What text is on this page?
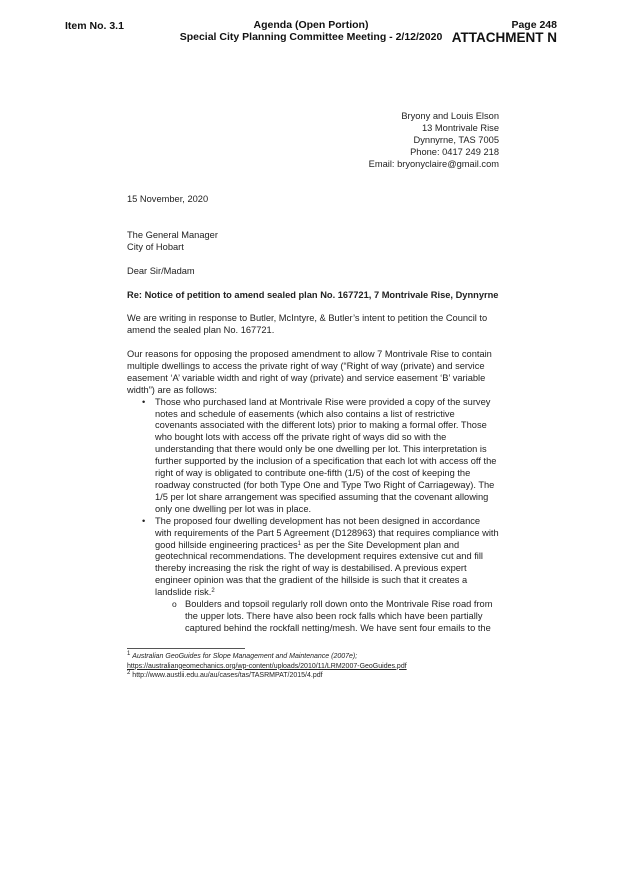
Item No. 3.1	Agenda (Open Portion)
Special City Planning Committee Meeting - 2/12/2020
Page 248
ATTACHMENT N
Bryony and Louis Elson
13 Montrivale Rise
Dynnyrne, TAS 7005
Phone: 0417 249 218
Email: bryonyclaire@gmail.com
15 November, 2020
The General Manager
City of Hobart
Dear Sir/Madam
Re: Notice of petition to amend sealed plan No. 167721, 7 Montrivale Rise, Dynnyrne
We are writing in response to Butler, McIntyre, & Butler’s intent to petition the Council to amend the sealed plan No. 167721.
Our reasons for opposing the proposed amendment to allow 7 Montrivale Rise to contain multiple dwellings to access the private right of way (“Right of way (private) and service easement ‘A’ variable width and right of way (private) and service easement ‘B’ variable width”) are as follows:
• Those who purchased land at Montrivale Rise were provided a copy of the survey notes and schedule of easements (which also contains a list of restrictive covenants associated with the different lots) prior to making a formal offer. Those who bought lots with access off the private right of ways did so with the understanding that there would only be one dwelling per lot. This interpretation is further supported by the inclusion of a specification that each lot with access off the right of way is obligated to contribute one-fifth (1/5) of the cost of keeping the roadway constructed (for both Type One and Type Two Right of Carriageway). The 1/5 per lot share arrangement was specified assuming that the covenant allowing only one dwelling per lot was in place.
• The proposed four dwelling development has not been designed in accordance with requirements of the Part 5 Agreement (D128963) that requires compliance with good hillside engineering practices$^1$ as per the Site Development plan and geotechnical recommendations. The development requires extensive cut and fill thereby increasing the risk the right of way is destabilised. A previous expert engineer opinion was that the gradient of the hillside is such that it creates a landslide risk.$^2$
o Boulders and topsoil regularly roll down onto the Montrivale Rise road from the upper lots. There have also been rock falls which have been partially captured behind the rockfall netting/mesh. We have sent four emails to the
$^1$ Australian GeoGuides for Slope Management and Maintenance (2007e);
https://australiangeomechanics.org/wp-content/uploads/2010/11/LRM2007-GeoGuides.pdf
$^2$ http://www.austlii.edu.au/au/cases/tas/TASRMPAT/2015/4.pdf
